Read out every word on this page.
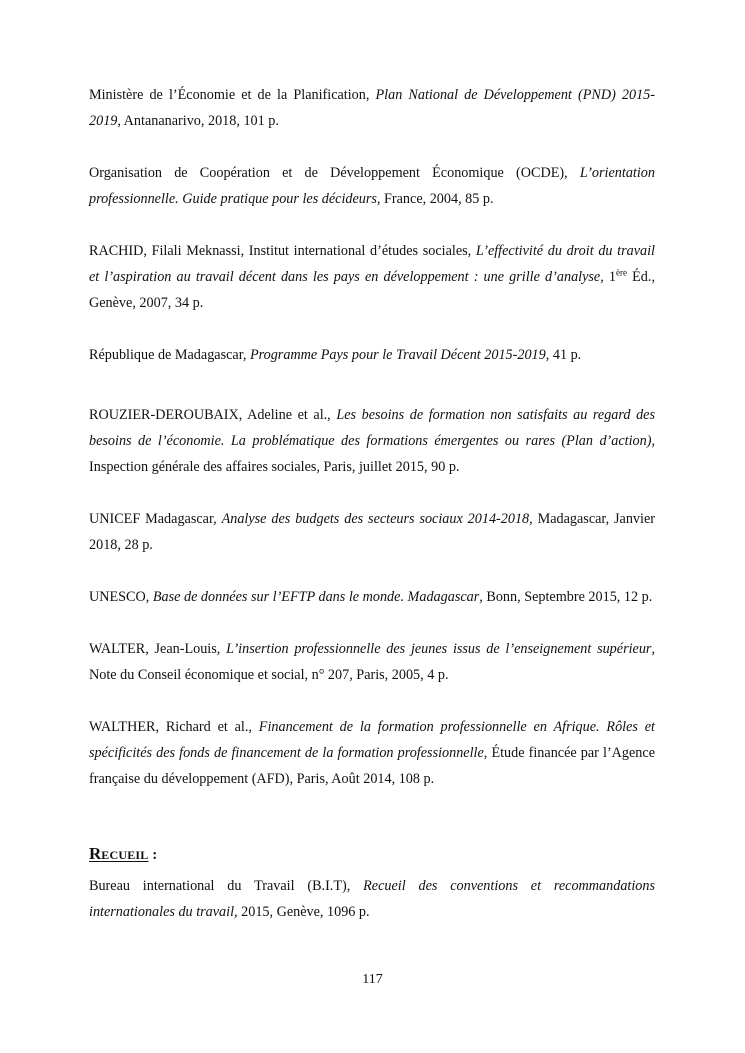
Ministère de l’Économie et de la Planification, Plan National de Développement (PND) 2015-2019, Antananarivo, 2018, 101 p.

Organisation de Coopération et de Développement Économique (OCDE), L’orientation professionnelle. Guide pratique pour les décideurs, France, 2004, 85 p.

RACHID, Filali Meknassi, Institut international d’études sociales, L’effectivité du droit du travail et l’aspiration au travail décent dans les pays en développement : une grille d’analyse, 1ère Éd., Genève, 2007, 34 p.

République de Madagascar, Programme Pays pour le Travail Décent 2015-2019, 41 p.

ROUZIER-DEROUBAIX, Adeline et al., Les besoins de formation non satisfaits au regard des besoins de l’économie. La problématique des formations émergentes ou rares (Plan d’action), Inspection générale des affaires sociales, Paris, juillet 2015, 90 p.

UNICEF Madagascar, Analyse des budgets des secteurs sociaux 2014-2018, Madagascar, Janvier 2018, 28 p.

UNESCO, Base de données sur l’EFTP dans le monde. Madagascar, Bonn, Septembre 2015, 12 p.

WALTER, Jean-Louis, L’insertion professionnelle des jeunes issus de l’enseignement supérieur, Note du Conseil économique et social, n° 207, Paris, 2005, 4 p.

WALTHER, Richard et al., Financement de la formation professionnelle en Afrique. Rôles et spécificités des fonds de financement de la formation professionnelle, Étude financée par l’Agence française du développement (AFD), Paris, Août 2014, 108 p.

RECUEIL :

Bureau international du Travail (B.I.T), Recueil des conventions et recommandations internationales du travail, 2015, Genève, 1096 p.

117
